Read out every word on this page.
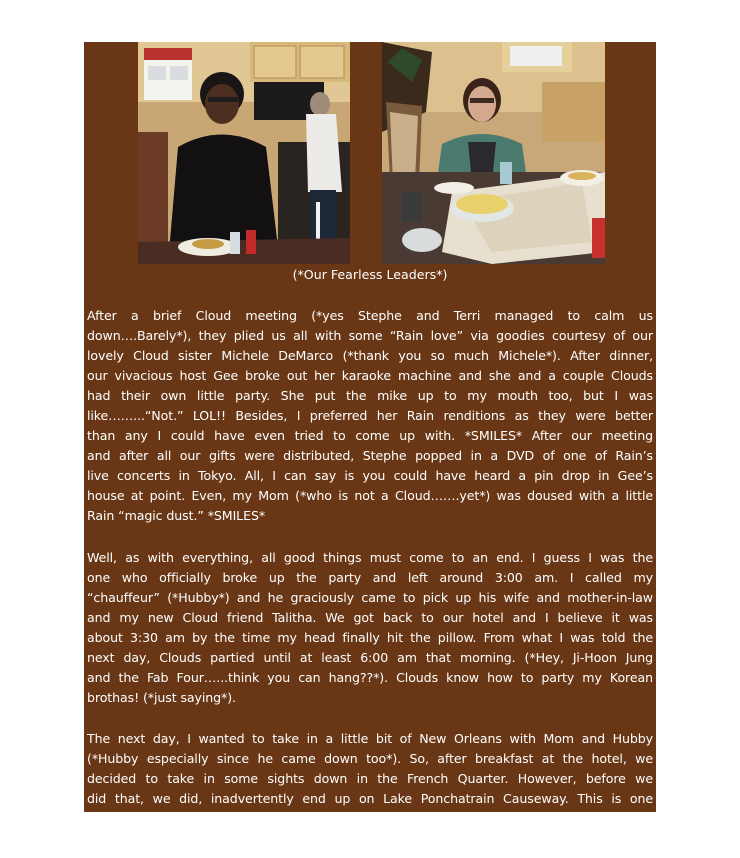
(*Our Fearless Leaders*)
After a brief Cloud meeting (*yes Stephe and Terri managed to calm us
down….Barely*), they plied us all with some “Rain love” via goodies courtesy of our
lovely Cloud sister Michele DeMarco (*thank you so much Michele*). After dinner,
our vivacious host Gee broke out her karaoke machine and she and a couple Clouds
had their own little party. She put the mike up to my mouth too, but I was
like……...“Not.” LOL!! Besides, I preferred her Rain renditions as they were better
than any I could have even tried to come up with. *SMILES* After our meeting
and after all our gifts were distributed, Stephe popped in a DVD of one of Rain’s
live concerts in Tokyo. All, I can say is you could have heard a pin drop in Gee’s
house at point. Even, my Mom (*who is not a Cloud…….yet*) was doused with a little
Rain “magic dust.” *SMILES*
Well, as with everything, all good things must come to an end. I guess I was the
one who officially broke up the party and left around 3:00 am. I called my
“chauffeur” (*Hubby*) and he graciously came to pick up his wife and mother-in-law
and my new Cloud friend Talitha. We got back to our hotel and I believe it was
about 3:30 am by the time my head finally hit the pillow. From what I was told the
next day, Clouds partied until at least 6:00 am that morning. (*Hey, Ji-Hoon Jung
and the Fab Four…...think you can hang??*). Clouds know how to party my Korean
brothas! (*just saying*).
The next day, I wanted to take in a little bit of New Orleans with Mom and Hubby
(*Hubby especially since he came down too*). So, after breakfast at the hotel, we
decided to take in some sights down in the French Quarter. However, before we
did that, we did, inadvertently end up on Lake Ponchatrain Causeway. This is one
